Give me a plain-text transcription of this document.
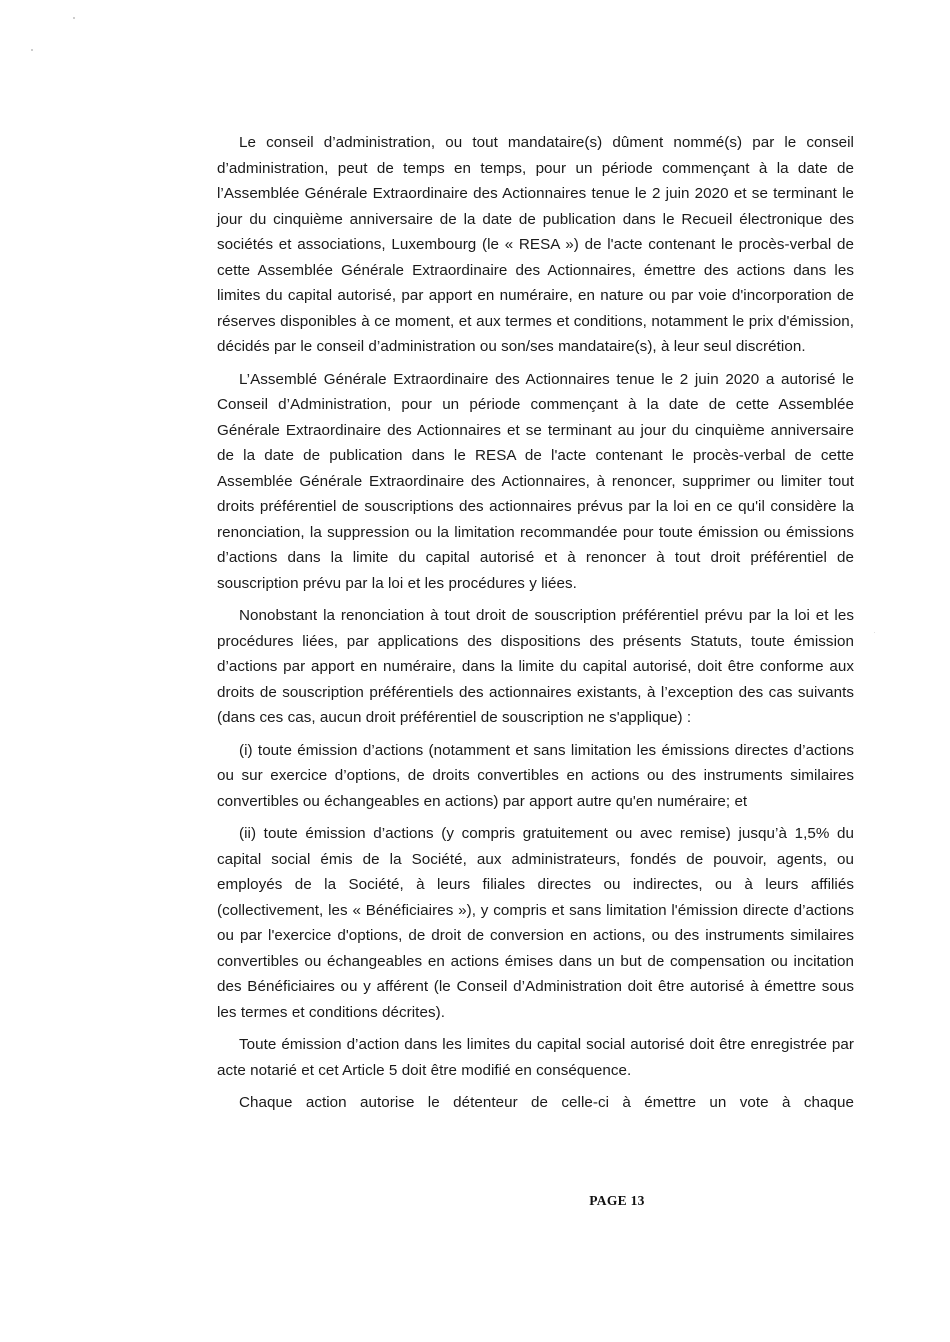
Le conseil d’administration, ou tout mandataire(s) dûment nommé(s) par le conseil d’administration, peut de temps en temps, pour un période commençant à la date de l’Assemblée Générale Extraordinaire des Actionnaires tenue le 2 juin 2020 et se terminant le jour du cinquième anniversaire de la date de publication dans le Recueil électronique des sociétés et associations, Luxembourg (le « RESA ») de l'acte contenant le procès-verbal de cette Assemblée Générale Extraordinaire des Actionnaires, émettre des actions dans les limites du capital autorisé, par apport en numéraire, en nature ou par voie d'incorporation de réserves disponibles à ce moment, et aux termes et conditions, notamment le prix d'émission, décidés par le conseil d’administration ou son/ses mandataire(s), à leur seul discrétion.

L’Assemblé Générale Extraordinaire des Actionnaires tenue le 2 juin 2020 a autorisé le Conseil d’Administration, pour un période commençant à la date de cette Assemblée Générale Extraordinaire des Actionnaires et se terminant au jour du cinquième anniversaire de la date de publication dans le RESA de l'acte contenant le procès-verbal de cette Assemblée Générale Extraordinaire des Actionnaires, à renoncer, supprimer ou limiter tout droits préférentiel de souscriptions des actionnaires prévus par la loi en ce qu'il considère la renonciation, la suppression ou la limitation recommandée pour toute émission ou émissions d’actions dans la limite du capital autorisé et à renoncer à tout droit préférentiel de souscription prévu par la loi et les procédures y liées.

Nonobstant la renonciation à tout droit de souscription préférentiel prévu par la loi et les procédures liées, par applications des dispositions des présents Statuts, toute émission d’actions par apport en numéraire, dans la limite du capital autorisé, doit être conforme aux droits de souscription préférentiels des actionnaires existants, à l’exception des cas suivants (dans ces cas, aucun droit préférentiel de souscription ne s'applique) :

(i) toute émission d’actions (notamment et sans limitation les émissions directes d’actions ou sur exercice d’options, de droits convertibles en actions ou des instruments similaires convertibles ou échangeables en actions) par apport autre qu'en numéraire; et

(ii) toute émission d’actions (y compris gratuitement ou avec remise) jusqu’à 1,5% du capital social émis de la Société, aux administrateurs, fondés de pouvoir, agents, ou employés de la Société, à leurs filiales directes ou indirectes, ou à leurs affiliés (collectivement, les « Bénéficiaires »), y compris et sans limitation l'émission directe d’actions ou par l'exercice d'options, de droit de conversion en actions, ou des instruments similaires convertibles ou échangeables en actions émises dans un but de compensation ou incitation des Bénéficiaires ou y afférent (le Conseil d’Administration doit être autorisé à émettre sous les termes et conditions décrites).

Toute émission d’action dans les limites du capital social autorisé doit être enregistrée par acte notarié et cet Article 5 doit être modifié en conséquence.

Chaque action autorise le détenteur de celle-ci à émettre un vote à chaque

PAGE 13
